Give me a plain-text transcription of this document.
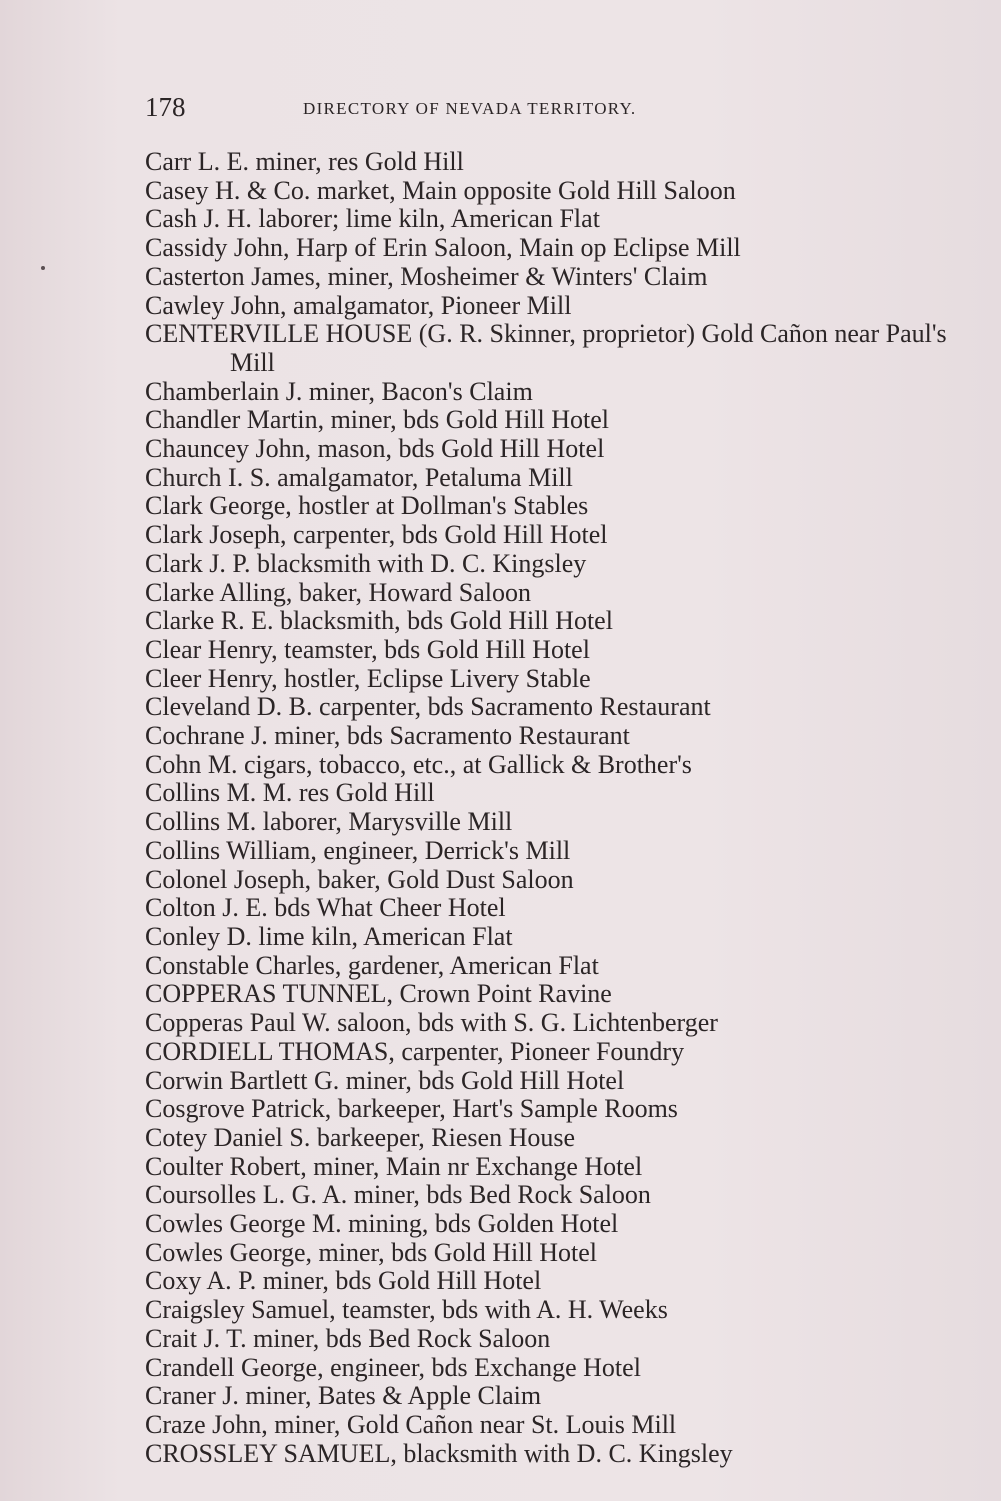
178	DIRECTORY OF NEVADA TERRITORY.
Carr L. E. miner, res Gold Hill
Casey H. & Co. market, Main opposite Gold Hill Saloon
Cash J. H. laborer; lime kiln, American Flat
Cassidy John, Harp of Erin Saloon, Main op Eclipse Mill
Casterton James, miner, Mosheimer & Winters' Claim
Cawley John, amalgamator, Pioneer Mill
CENTERVILLE HOUSE (G. R. Skinner, proprietor) Gold Cañon near Paul's Mill
Chamberlain J. miner, Bacon's Claim
Chandler Martin, miner, bds Gold Hill Hotel
Chauncey John, mason, bds Gold Hill Hotel
Church I. S. amalgamator, Petaluma Mill
Clark George, hostler at Dollman's Stables
Clark Joseph, carpenter, bds Gold Hill Hotel
Clark J. P. blacksmith with D. C. Kingsley
Clarke Alling, baker, Howard Saloon
Clarke R. E. blacksmith, bds Gold Hill Hotel
Clear Henry, teamster, bds Gold Hill Hotel
Cleer Henry, hostler, Eclipse Livery Stable
Cleveland D. B. carpenter, bds Sacramento Restaurant
Cochrane J. miner, bds Sacramento Restaurant
Cohn M. cigars, tobacco, etc., at Gallick & Brother's
Collins M. M. res Gold Hill
Collins M. laborer, Marysville Mill
Collins William, engineer, Derrick's Mill
Colonel Joseph, baker, Gold Dust Saloon
Colton J. E. bds What Cheer Hotel
Conley D. lime kiln, American Flat
Constable Charles, gardener, American Flat
COPPERAS TUNNEL, Crown Point Ravine
Copperas Paul W. saloon, bds with S. G. Lichtenberger
CORDIELL THOMAS, carpenter, Pioneer Foundry
Corwin Bartlett G. miner, bds Gold Hill Hotel
Cosgrove Patrick, barkeeper, Hart's Sample Rooms
Cotey Daniel S. barkeeper, Riesen House
Coulter Robert, miner, Main nr Exchange Hotel
Coursolles L. G. A. miner, bds Bed Rock Saloon
Cowles George M. mining, bds Golden Hotel
Cowles George, miner, bds Gold Hill Hotel
Coxy A. P. miner, bds Gold Hill Hotel
Craigsley Samuel, teamster, bds with A. H. Weeks
Crait J. T. miner, bds Bed Rock Saloon
Crandell George, engineer, bds Exchange Hotel
Craner J. miner, Bates & Apple Claim
Craze John, miner, Gold Cañon near St. Louis Mill
CROSSLEY SAMUEL, blacksmith with D. C. Kingsley
